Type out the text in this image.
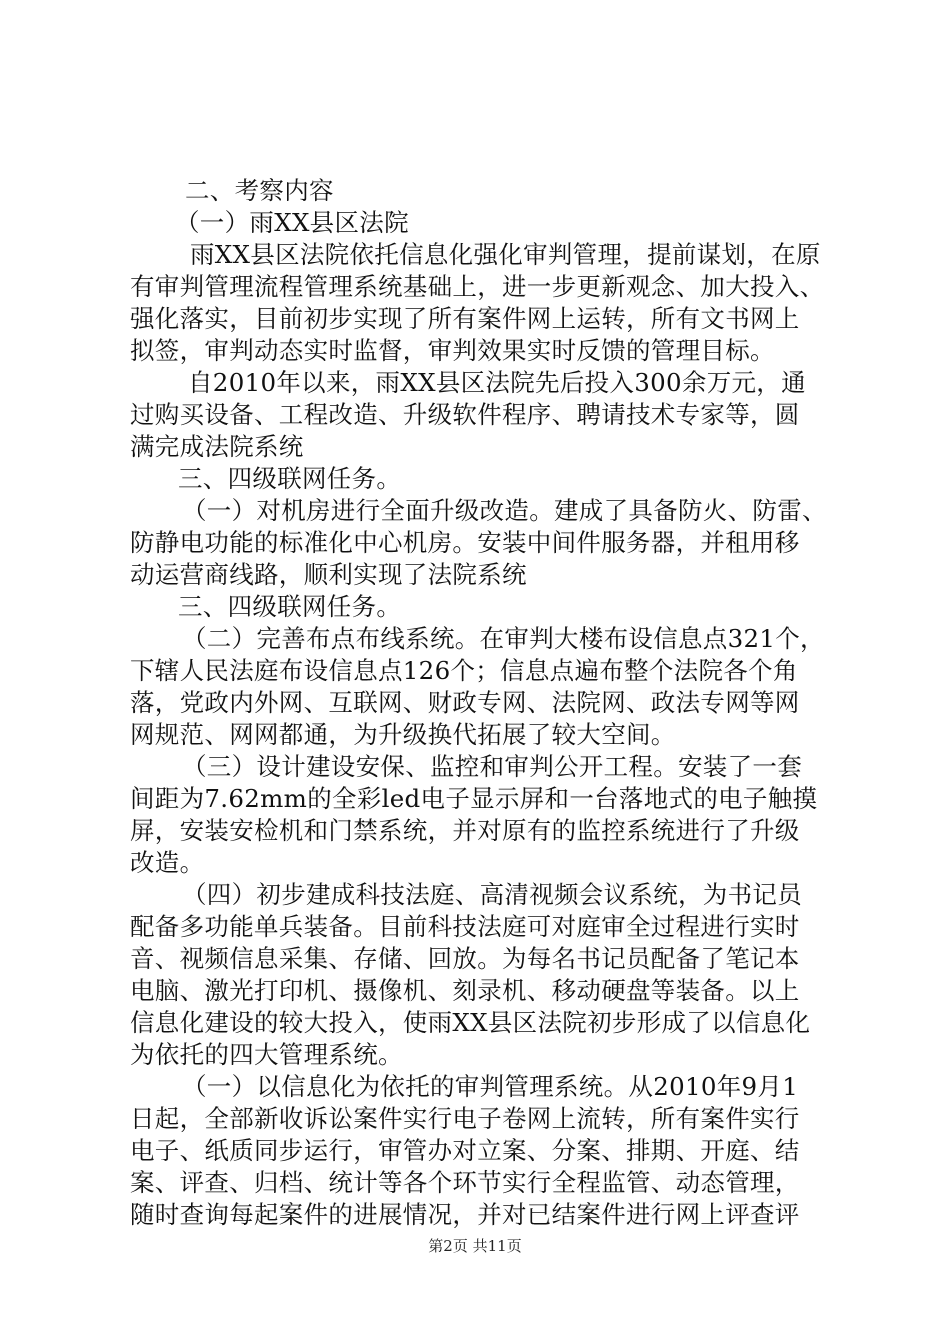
二、考察内容
（一）雨XX县区法院
雨XX县区法院依托信息化强化审判管理，提前谋划，在原
有审判管理流程管理系统基础上，进一步更新观念、加大投入、
强化落实，目前初步实现了所有案件网上运转，所有文书网上
拟签，审判动态实时监督，审判效果实时反馈的管理目标。
自2010年以来，雨XX县区法院先后投入300余万元，通
过购买设备、工程改造、升级软件程序、聘请技术专家等，圆
满完成法院系统
三、四级联网任务。
（一）对机房进行全面升级改造。建成了具备防火、防雷、
防静电功能的标准化中心机房。安装中间件服务器，并租用移
动运营商线路，顺利实现了法院系统
三、四级联网任务。
（二）完善布点布线系统。在审判大楼布设信息点321个，
下辖人民法庭布设信息点126个；信息点遍布整个法院各个角
落，党政内外网、互联网、财政专网、法院网、政法专网等网
网规范、网网都通，为升级换代拓展了较大空间。
（三）设计建设安保、监控和审判公开工程。安装了一套
间距为7.62mm的全彩led电子显示屏和一台落地式的电子触摸
屏，安装安检机和门禁系统，并对原有的监控系统进行了升级
改造。
（四）初步建成科技法庭、高清视频会议系统，为书记员
配备多功能单兵装备。目前科技法庭可对庭审全过程进行实时
音、视频信息采集、存储、回放。为每名书记员配备了笔记本
电脑、激光打印机、摄像机、刻录机、移动硬盘等装备。以上
信息化建设的较大投入，使雨XX县区法院初步形成了以信息化
为依托的四大管理系统。
（一）以信息化为依托的审判管理系统。从2010年9月1
日起，全部新收诉讼案件实行电子卷网上流转，所有案件实行
电子、纸质同步运行，审管办对立案、分案、排期、开庭、结
案、评查、归档、统计等各个环节实行全程监管、动态管理，
随时查询每起案件的进展情况，并对已结案件进行网上评查评
第2页 共11页
